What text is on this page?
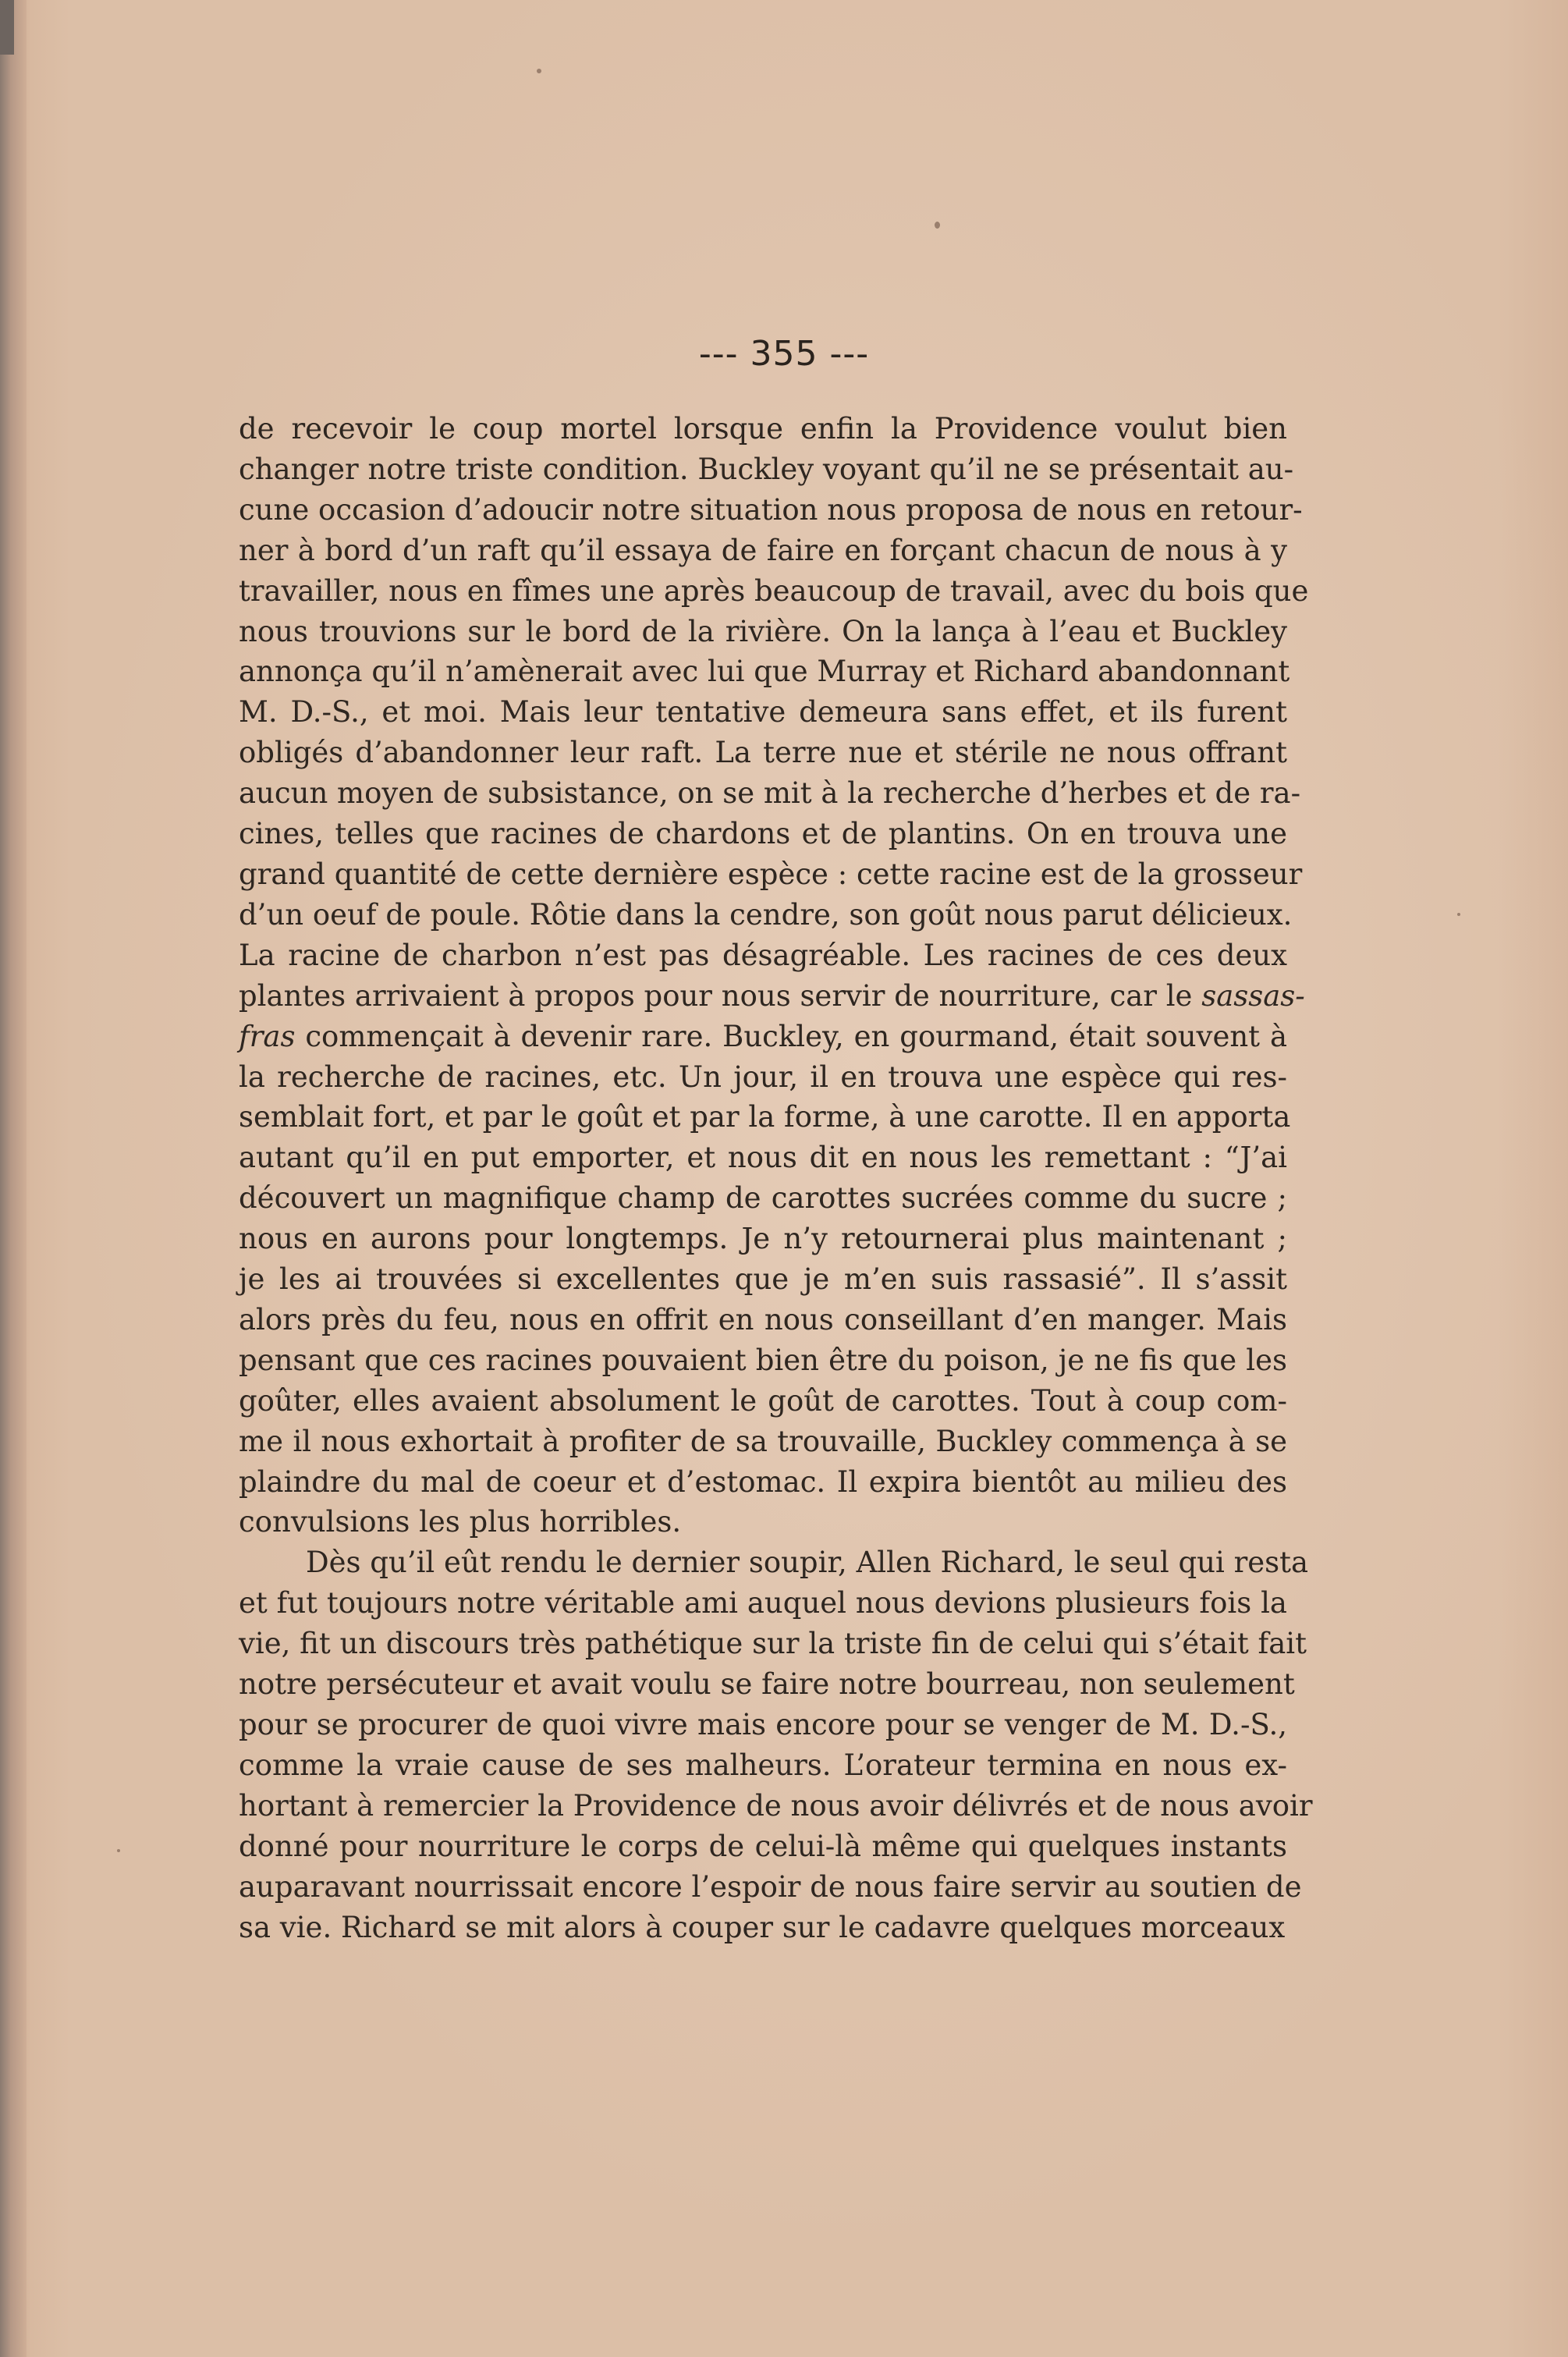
--- 355 ---
de recevoir le coup mortel lorsque enfin la Providence voulut bien
changer notre triste condition. Buckley voyant qu’il ne se présentait au-
cune occasion d’adoucir notre situation nous proposa de nous en retour-
ner à bord d’un raft qu’il essaya de faire en forçant chacun de nous à y
travailler, nous en fîmes une après beaucoup de travail, avec du bois que
nous trouvions sur le bord de la rivière. On la lança à l’eau et Buckley
annonça qu’il n’amènerait avec lui que Murray et Richard abandonnant
M. D.-S., et moi. Mais leur tentative demeura sans effet, et ils furent
obligés d’abandonner leur raft. La terre nue et stérile ne nous offrant
aucun moyen de subsistance, on se mit à la recherche d’herbes et de ra-
cines, telles que racines de chardons et de plantins. On en trouva une
grand quantité de cette dernière espèce : cette racine est de la grosseur
d’un oeuf de poule. Rôtie dans la cendre, son goût nous parut délicieux.
La racine de charbon n’est pas désagréable. Les racines de ces deux
plantes arrivaient à propos pour nous servir de nourriture, car le sassas-
fras commençait à devenir rare. Buckley, en gourmand, était souvent à
la recherche de racines, etc. Un jour, il en trouva une espèce qui res-
semblait fort, et par le goût et par la forme, à une carotte. Il en apporta
autant qu’il en put emporter, et nous dit en nous les remettant : “J’ai
découvert un magnifique champ de carottes sucrées comme du sucre ;
nous en aurons pour longtemps. Je n’y retournerai plus maintenant ;
je les ai trouvées si excellentes que je m’en suis rassasié”. Il s’assit
alors près du feu, nous en offrit en nous conseillant d’en manger. Mais
pensant que ces racines pouvaient bien être du poison, je ne fis que les
goûter, elles avaient absolument le goût de carottes. Tout à coup com-
me il nous exhortait à profiter de sa trouvaille, Buckley commença à se
plaindre du mal de coeur et d’estomac. Il expira bientôt au milieu des
convulsions les plus horribles.
Dès qu’il eût rendu le dernier soupir, Allen Richard, le seul qui resta
et fut toujours notre véritable ami auquel nous devions plusieurs fois la
vie, fit un discours très pathétique sur la triste fin de celui qui s’était fait
notre persécuteur et avait voulu se faire notre bourreau, non seulement
pour se procurer de quoi vivre mais encore pour se venger de M. D.-S.,
comme la vraie cause de ses malheurs. L’orateur termina en nous ex-
hortant à remercier la Providence de nous avoir délivrés et de nous avoir
donné pour nourriture le corps de celui-là même qui quelques instants
auparavant nourrissait encore l’espoir de nous faire servir au soutien de
sa vie. Richard se mit alors à couper sur le cadavre quelques morceaux
